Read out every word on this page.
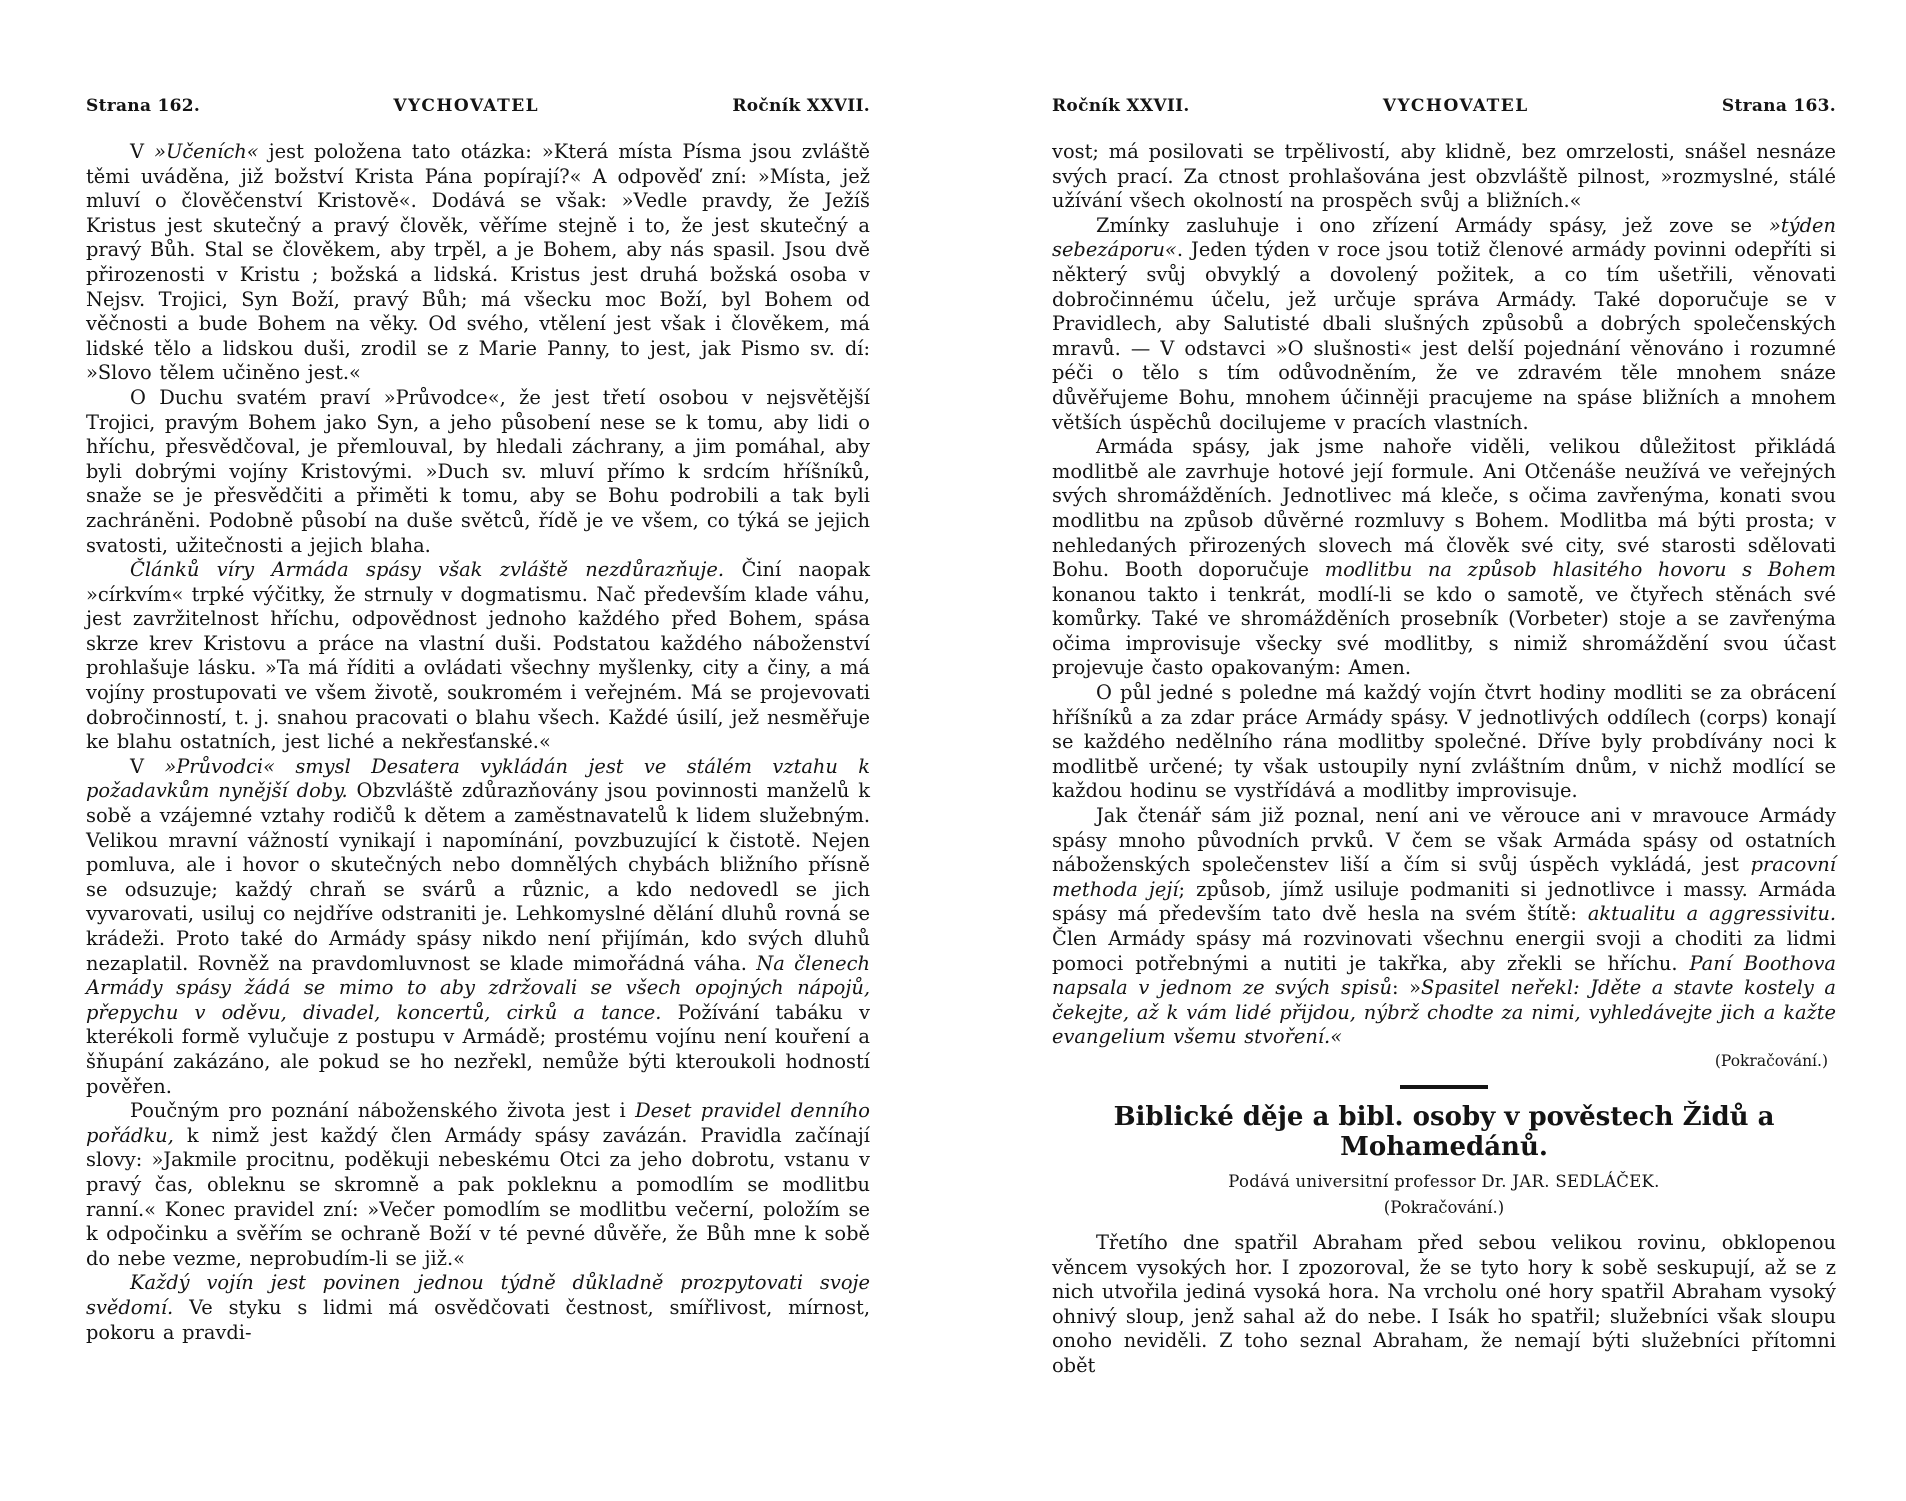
Strana 162.	VYCHOVATEL	Ročník XXVII.

V »Učeních« jest položena tato otázka: »Která místa Písma jsou zvláště těmi uváděna, již božství Krista Pána popírají?« A odpověď zní: »Místa, jež mluví o člověčenství Kristově«. Dodává se však: »Vedle pravdy, že Ježíš Kristus jest skutečný a pravý člověk, věříme stejně i to, že jest skutečný a pravý Bůh. Stal se člověkem, aby trpěl, a je Bohem, aby nás spasil. Jsou dvě přirozenosti v Kristu ; božská a lidská. Kristus jest druhá božská osoba v Nejsv. Trojici, Syn Boží, pravý Bůh; má všecku moc Boží, byl Bohem od věčnosti a bude Bohem na věky. Od svého, vtělení jest však i člověkem, má lidské tělo a lidskou duši, zrodil se z Marie Panny, to jest, jak Pismo sv. dí: »Slovo tělem učiněno jest.«

O Duchu svatém praví »Průvodce«, že jest třetí osobou v nejsvětější Trojici, pravým Bohem jako Syn, a jeho působení nese se k tomu, aby lidi o hříchu, přesvědčoval, je přemlouval, by hledali záchrany, a jim pomáhal, aby byli dobrými vojíny Kristovými. »Duch sv. mluví přímo k srdcím hříšníků, snaže se je přesvědčiti a přiměti k tomu, aby se Bohu podrobili a tak byli zachráněni. Podobně působí na duše světců, řídě je ve všem, co týká se jejich svatosti, užitečnosti a jejich blaha.

Článků víry Armáda spásy však zvláště nezdůrazňuje. Činí naopak »církvím« trpké výčitky, že strnuly v dogmatismu. Nač především klade váhu, jest zavržitelnost hříchu, odpovědnost jednoho každého před Bohem, spása skrze krev Kristovu a práce na vlastní duši. Podstatou každého náboženství prohlašuje lásku. »Ta má říditi a ovládati všechny myšlenky, city a činy, a má vojíny prostupovati ve všem životě, soukromém i veřejném. Má se projevovati dobročinností, t. j. snahou pracovati o blahu všech. Každé úsilí, jež nesměřuje ke blahu ostatních, jest liché a nekřesťanské.«

V »Průvodci« smysl Desatera vykládán jest ve stálém vztahu k požadavkům nynější doby. Obzvláště zdůrazňovány jsou povinnosti manželů k sobě a vzájemné vztahy rodičů k dětem a zaměstnavatelů k lidem služebným. Velikou mravní vážností vynikají i napomínání, povzbuzující k čistotě. Nejen pomluva, ale i hovor o skutečných nebo domnělých chybách bližního přísně se odsuzuje; každý chraň se svárů a různic, a kdo nedovedl se jich vyvarovati, usiluj co nejdříve odstraniti je. Lehkomyslné dělání dluhů rovná se krádeži. Proto také do Armády spásy nikdo není přijímán, kdo svých dluhů nezaplatil. Rovněž na pravdomluvnost se klade mimořádná váha. Na členech Armády spásy žádá se mimo to aby zdržovali se všech opojných nápojů, přepychu v oděvu, divadel, koncertů, cirků a tance. Požívání tabáku v kterékoli formě vylučuje z postupu v Armádě; prostému vojínu není kouření a šňupání zakázáno, ale pokud se ho nezřekl, nemůže býti kteroukoli hodností pověřen.

Poučným pro poznání náboženského života jest i Deset pravidel denního pořádku, k nimž jest každý člen Armády spásy zavázán. Pravidla začínají slovy: »Jakmile procitnu, poděkuji nebeskému Otci za jeho dobrotu, vstanu v pravý čas, obleknu se skromně a pak pokleknu a pomodlím se modlitbu ranní.« Konec pravidel zní: »Večer pomodlím se modlitbu večerní, položím se k odpočinku a svěřím se ochraně Boží v té pevné důvěře, že Bůh mne k sobě do nebe vezme, neprobudím-li se již.«

Každý vojín jest povinen jednou týdně důkladně prozpytovati svoje svědomí. Ve styku s lidmi má osvědčovati čestnost, smířlivost, mírnost, pokoru a pravdi-

Ročník XXVII.	VYCHOVATEL	Strana 163.

vost; má posilovati se trpělivostí, aby klidně, bez omrzelosti, snášel nesnáze svých prací. Za ctnost prohlašována jest obzvláště pilnost, »rozmyslné, stálé užívání všech okolností na prospěch svůj a bližních.«

Zmínky zasluhuje i ono zřízení Armády spásy, jež zove se »týden sebezáporu«. Jeden týden v roce jsou totiž členové armády povinni odepříti si některý svůj obvyklý a dovolený požitek, a co tím ušetřili, věnovati dobročinnému účelu, jež určuje správa Armády. Také doporučuje se v Pravidlech, aby Salutisté dbali slušných způsobů a dobrých společenských mravů. — V odstavci »O slušnosti« jest delší pojednání věnováno i rozumné péči o tělo s tím odůvodněním, že ve zdravém těle mnohem snáze důvěřujeme Bohu, mnohem účinněji pracujeme na spáse bližních a mnohem větších úspěchů docilujeme v pracích vlastních.

Armáda spásy, jak jsme nahoře viděli, velikou důležitost přikládá modlitbě ale zavrhuje hotové její formule. Ani Otčenáše neužívá ve veřejných svých shromážděních. Jednotlivec má kleče, s očima zavřenýma, konati svou modlitbu na způsob důvěrné rozmluvy s Bohem. Modlitba má býti prosta; v nehledaných přirozených slovech má člověk své city, své starosti sdělovati Bohu. Booth doporučuje modlitbu na způsob hlasitého hovoru s Bohem konanou takto i tenkrát, modlí-li se kdo o samotě, ve čtyřech stěnách své komůrky. Také ve shromážděních prosebník (Vorbeter) stoje a se zavřenýma očima improvisuje všecky své modlitby, s nimiž shromáždění svou účast projevuje často opakovaným: Amen.

O půl jedné s poledne má každý vojín čtvrt hodiny modliti se za obrácení hříšníků a za zdar práce Armády spásy. V jednotlivých oddílech (corps) konají se každého nedělního rána modlitby společné. Dříve byly probdívány noci k modlitbě určené; ty však ustoupily nyní zvláštním dnům, v nichž modlící se každou hodinu se vystřídává a modlitby improvisuje.

Jak čtenář sám již poznal, není ani ve věrouce ani v mravouce Armády spásy mnoho původních prvků. V čem se však Armáda spásy od ostatních náboženských společenstev liší a čím si svůj úspěch vykládá, jest pracovní methoda její; způsob, jímž usiluje podmaniti si jednotlivce i massy. Armáda spásy má především tato dvě hesla na svém štítě: aktualitu a aggressivitu. Člen Armády spásy má rozvinovati všechnu energii svoji a choditi za lidmi pomoci potřebnými a nutiti je takřka, aby zřekli se hříchu. Paní Boothova napsala v jednom ze svých spisů: »Spasitel neřekl: Jděte a stavte kostely a čekejte, až k vám lidé přijdou, nýbrž chodte za nimi, vyhledávejte jich a kažte evangelium všemu stvoření.«

(Pokračování.)
Biblické děje a bibl. osoby v pověstech Židů a Mohamedánů.
Podává universitní professor Dr. JAR. SEDLÁČEK.
(Pokračování.)

Třetího dne spatřil Abraham před sebou velikou rovinu, obklopenou věncem vysokých hor. I zpozoroval, že se tyto hory k sobě seskupují, až se z nich utvořila jediná vysoká hora. Na vrcholu oné hory spatřil Abraham vysoký ohnivý sloup, jenž sahal až do nebe. I Isák ho spatřil; služebníci však sloupu onoho neviděli. Z toho seznal Abraham, že nemají býti služebníci přítomni obět
